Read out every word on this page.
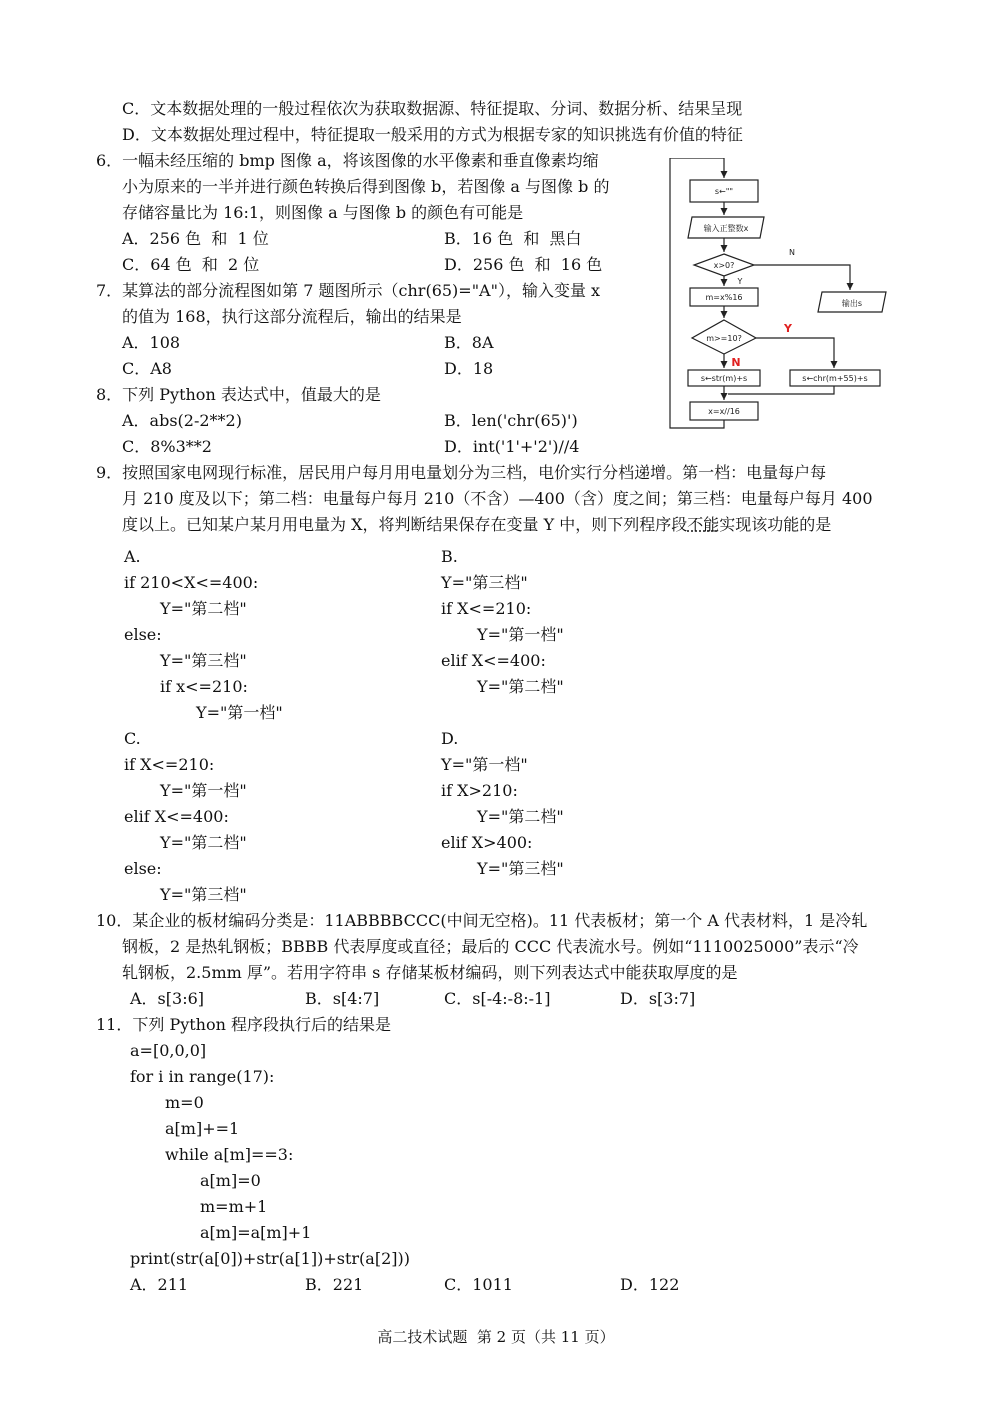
C．文本数据处理的一般过程依次为获取数据源、特征提取、分词、数据分析、结果呈现
D．文本数据处理过程中，特征提取一般采用的方式为根据专家的知识挑选有价值的特征
6．一幅未经压缩的 bmp 图像 a，将该图像的水平像素和垂直像素均缩
小为原来的一半并进行颜色转换后得到图像 b，若图像 a 与图像 b 的
存储容量比为 16:1，则图像 a 与图像 b 的颜色有可能是
A．256 色  和  1 位	B．16 色  和  黑白
C．64 色  和  2 位	D．256 色  和  16 色
7．某算法的部分流程图如第 7 题图所示（chr(65)="A"），输入变量 x
的值为 168，执行这部分流程后，输出的结果是
A．108	B．8A
C．A8	D．18
s←""
输入正整数x
x>0?
m=x%16
输出s
m>=10?
s←str(m)+s	s←chr(m+55)+s
x=x//16
N
Y
Y
N
8．下列 Python 表达式中，值最大的是
A．abs(2-2**2)	B．len('chr(65)')
C．8%3**2	D．int('1'+'2')//4
9．按照国家电网现行标准，居民用户每月用电量划分为三档，电价实行分档递增。第一档：电量每户每
月 210 度及以下；第二档：电量每户每月 210（不含）—400（含）度之间；第三档：电量每户每月 400
度以上。已知某户某月用电量为 X，将判断结果保存在变量 Y 中，则下列程序段不能实现该功能的是
A.
if 210<X<=400:
Y="第二档"
else:
Y="第三档"
if x<=210:
Y="第一档"
B.
Y="第三档"
if X<=210:
Y="第一档"
elif X<=400:
Y="第二档"
C.
if X<=210:
Y="第一档"
elif X<=400:
Y="第二档"
else:
Y="第三档"
D.
Y="第一档"
if X>210:
Y="第二档"
elif X>400:
Y="第三档"
10．某企业的板材编码分类是：11ABBBBCCC(中间无空格)。11 代表板材；第一个 A 代表材料，1 是冷轧
钢板，2 是热轧钢板；BBBB 代表厚度或直径；最后的 CCC 代表流水号。例如“1110025000”表示“冷
轧钢板，2.5mm 厚”。若用字符串 s 存储某板材编码，则下列表达式中能获取厚度的是
A．s[3:6]	B．s[4:7]	C．s[-4:-8:-1]	D．s[3:7]
11．下列 Python 程序段执行后的结果是
a=[0,0,0]
for i in range(17):
m=0
a[m]+=1
while a[m]==3:
a[m]=0
m=m+1
a[m]=a[m]+1
print(str(a[0])+str(a[1])+str(a[2]))
A．211	B．221	C．1011	D．122
高二技术试题  第 2 页（共 11 页）
